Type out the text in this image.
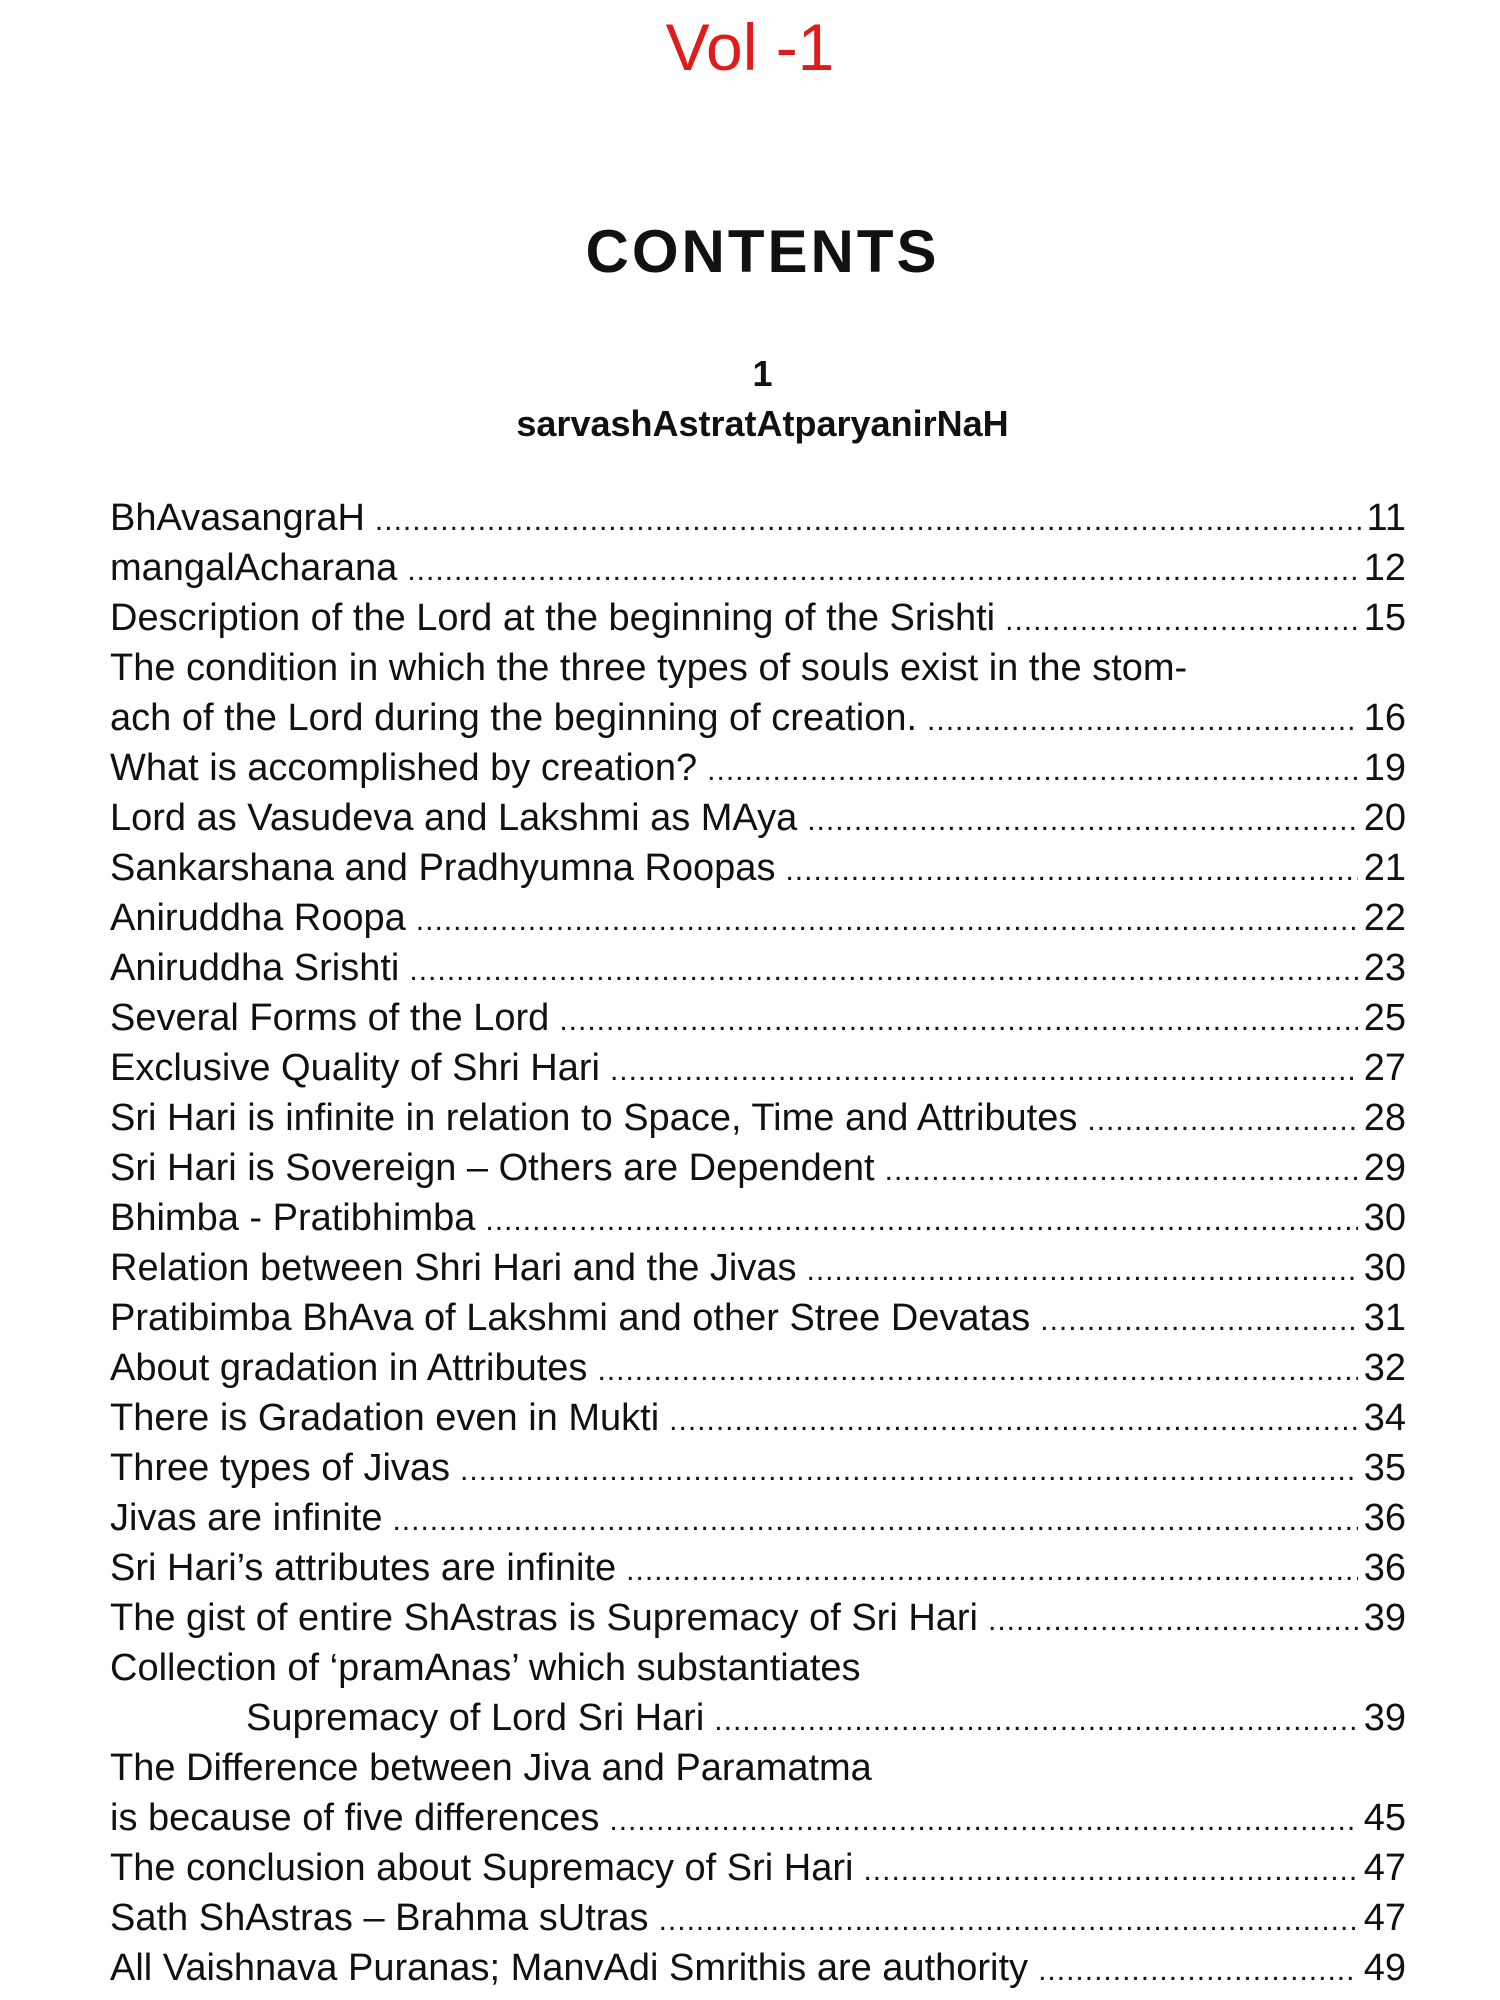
Vol -1
CONTENTS
1
sarvashAstratAtparyanirNaH
BhAvasangraH .....	11
mangalAcharana .....	12
Description of the Lord at the beginning of the Srishti .....	15
The condition in which the three types of souls exist in the stom-
ach of the Lord during the beginning of creation. .....	16
What is accomplished by creation? .....	19
Lord as Vasudeva and Lakshmi as MAya .....	20
Sankarshana and Pradhyumna Roopas .....	21
Aniruddha Roopa .....	22
Aniruddha Srishti .....	23
Several Forms of the Lord .....	25
Exclusive Quality of Shri Hari .....	27
Sri Hari is infinite in relation to Space, Time and Attributes .....	28
Sri Hari is Sovereign – Others are Dependent .....	29
Bhimba - Pratibhimba .....	30
Relation between Shri Hari and the Jivas .....	30
Pratibimba BhAva of Lakshmi and other Stree Devatas .....	31
About gradation in Attributes .....	32
There is Gradation even in Mukti .....	34
Three types of Jivas .....	35
Jivas are infinite .....	36
Sri Hari’s attributes are infinite .....	36
The gist of entire ShAstras is Supremacy of Sri Hari .....	39
Collection of ‘pramAnas’ which substantiates
Supremacy of Lord Sri Hari .....	39
The Difference between Jiva and Paramatma
is because of five differences .....	45
The conclusion about Supremacy of Sri Hari .....	47
Sath ShAstras – Brahma sUtras .....	47
All Vaishnava Puranas; ManvAdi Smrithis are authority .....	49
